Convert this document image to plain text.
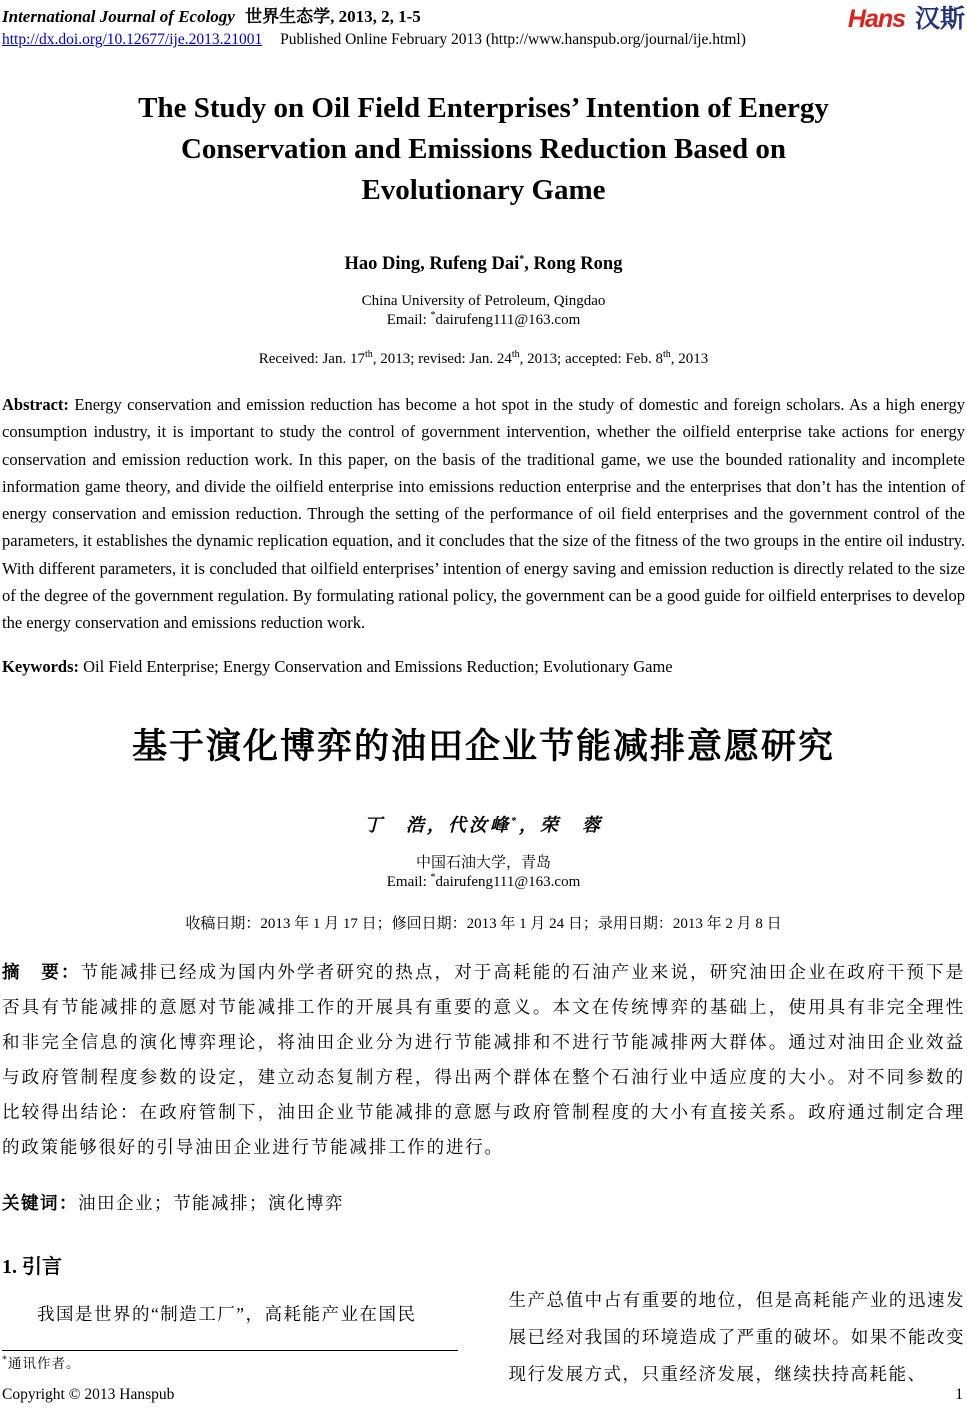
International Journal of Ecology 世界生态学, 2013, 2, 1-5
http://dx.doi.org/10.12677/ije.2013.21001 Published Online February 2013 (http://www.hanspub.org/journal/ije.html)
Hans 汉斯
The Study on Oil Field Enterprises’ Intention of Energy
Conservation and Emissions Reduction Based on
Evolutionary Game
Hao Ding, Rufeng Dai*, Rong Rong
China University of Petroleum, Qingdao
Email: *dairufeng111@163.com
Received: Jan. 17th, 2013; revised: Jan. 24th, 2013; accepted: Feb. 8th, 2013

Abstract: Energy conservation and emission reduction has become a hot spot in the study of domestic and foreign scholars. As a high energy consumption industry, it is important to study the control of government intervention, whether the oilfield enterprise take actions for energy conservation and emission reduction work. In this paper, on the basis of the traditional game, we use the bounded rationality and incomplete information game theory, and divide the oilfield enterprise into emissions reduction enterprise and the enterprises that don’t has the intention of energy conservation and emission reduction. Through the setting of the performance of oil field enterprises and the government control of the parameters, it establishes the dynamic replication equation, and it concludes that the size of the fitness of the two groups in the entire oil industry. With different parameters, it is concluded that oilfield enterprises’ intention of energy saving and emission reduction is directly related to the size of the degree of the government regulation. By formulating rational policy, the government can be a good guide for oilfield enterprises to develop the energy conservation and emissions reduction work.

Keywords: Oil Field Enterprise; Energy Conservation and Emissions Reduction; Evolutionary Game

基于演化博弈的油田企业节能减排意愿研究
丁　浩，代汝峰*，荣　蓉
中国石油大学，青岛
Email: *dairufeng111@163.com
收稿日期：2013 年 1 月 17 日；修回日期：2013 年 1 月 24 日；录用日期：2013 年 2 月 8 日

摘　要：节能减排已经成为国内外学者研究的热点，对于高耗能的石油产业来说，研究油田企业在政府干预下是否具有节能减排的意愿对节能减排工作的开展具有重要的意义。本文在传统博弈的基础上，使用具有非完全理性和非完全信息的演化博弈理论，将油田企业分为进行节能减排和不进行节能减排两大群体。通过对油田企业效益与政府管制程度参数的设定，建立动态复制方程，得出两个群体在整个石油行业中适应度的大小。对不同参数的比较得出结论：在政府管制下，油田企业节能减排的意愿与政府管制程度的大小有直接关系。政府通过制定合理的政策能够很好的引导油田企业进行节能减排工作的进行。

关键词：油田企业；节能减排；演化博弈

1. 引言

我国是世界的“制造工厂”，高耗能产业在国民

*通讯作者。

生产总值中占有重要的地位，但是高耗能产业的迅速发展已经对我国的环境造成了严重的破坏。如果不能改变现行发展方式，只重经济发展，继续扶持高耗能、

Copyright © 2013 Hanspub	1
